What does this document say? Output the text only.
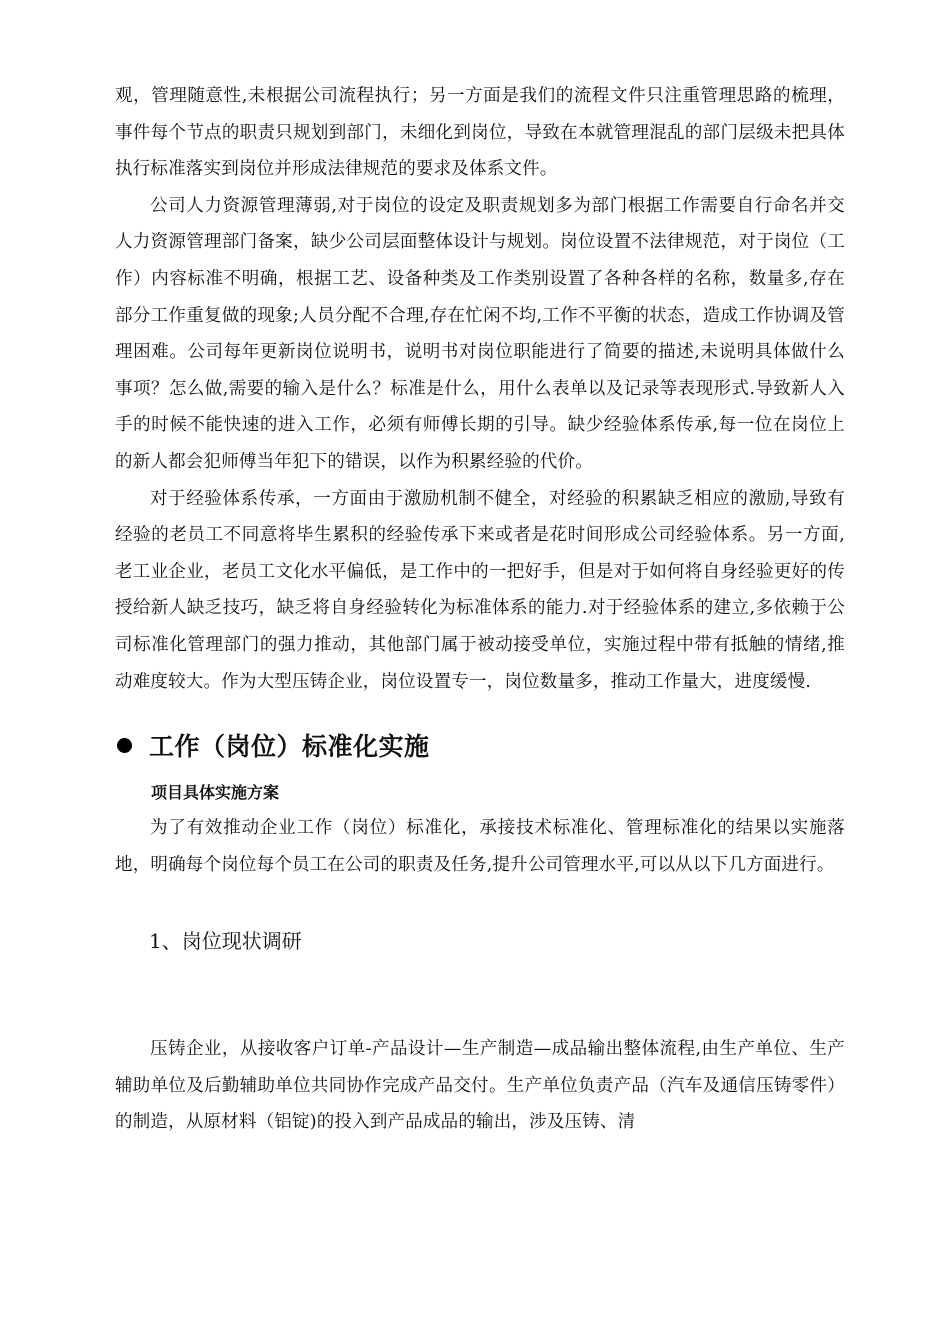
观，管理随意性,未根据公司流程执行；另一方面是我们的流程文件只注重管理思路的梳理，事件每个节点的职责只规划到部门，未细化到岗位，导致在本就管理混乱的部门层级未把具体执行标准落实到岗位并形成法律规范的要求及体系文件。

公司人力资源管理薄弱,对于岗位的设定及职责规划多为部门根据工作需要自行命名并交人力资源管理部门备案，缺少公司层面整体设计与规划。岗位设置不法律规范，对于岗位（工作）内容标准不明确，根据工艺、设备种类及工作类别设置了各种各样的名称，数量多,存在部分工作重复做的现象;人员分配不合理,存在忙闲不均,工作不平衡的状态，造成工作协调及管理困难。公司每年更新岗位说明书，说明书对岗位职能进行了简要的描述,未说明具体做什么事项？怎么做,需要的输入是什么？标准是什么，用什么表单以及记录等表现形式.导致新人入手的时候不能快速的进入工作，必须有师傅长期的引导。缺少经验体系传承,每一位在岗位上的新人都会犯师傅当年犯下的错误，以作为积累经验的代价。

对于经验体系传承，一方面由于激励机制不健全，对经验的积累缺乏相应的激励,导致有经验的老员工不同意将毕生累积的经验传承下来或者是花时间形成公司经验体系。另一方面,老工业企业，老员工文化水平偏低，是工作中的一把好手，但是对于如何将自身经验更好的传授给新人缺乏技巧，缺乏将自身经验转化为标准体系的能力.对于经验体系的建立,多依赖于公司标准化管理部门的强力推动，其他部门属于被动接受单位，实施过程中带有抵触的情绪,推动难度较大。作为大型压铸企业，岗位设置专一，岗位数量多，推动工作量大，进度缓慢.

工作（岗位）标准化实施
项目具体实施方案

为了有效推动企业工作（岗位）标准化，承接技术标准化、管理标准化的结果以实施落地，明确每个岗位每个员工在公司的职责及任务,提升公司管理水平,可以从以下几方面进行。

1、岗位现状调研

压铸企业，从接收客户订单-产品设计—生产制造—成品输出整体流程,由生产单位、生产辅助单位及后勤辅助单位共同协作完成产品交付。生产单位负责产品（汽车及通信压铸零件）的制造，从原材料（铝锭)的投入到产品成品的输出，涉及压铸、清
